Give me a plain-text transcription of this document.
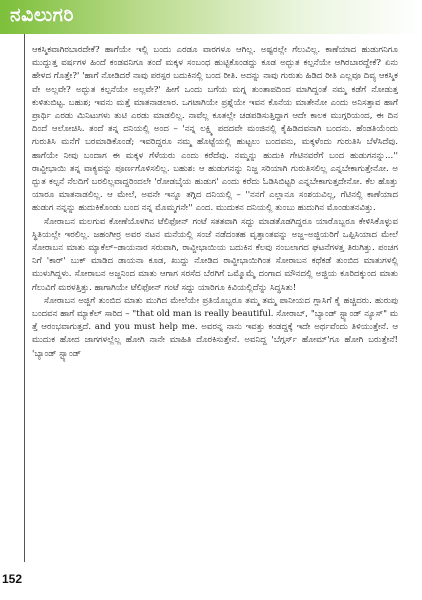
ನವಿಲುಗರಿ

ಆಕಸ್ಮಿಕವಾಗಿರಬಾರದೇಕೆ? ಹಾಗೆಯೇ ಇಲ್ಲಿ ಬಂದು ಎರಡೂ ವಾರಗಳೂ ಆಗಿಲ್ಲ. ಅಷ್ಟರಲ್ಲೇ ಗೆಲುವಿಲ್ಲ. ಕಾಣೆಯಾದ ಹುಡುಗನಿಗೂ ಮುದ್ದುತ್ತ ವರ್ಷಗಳ ಹಿಂದೆ ಕಂಡವನಿಗೂ ತಂದೆ ಮಕ್ಕಳ ಸಂಬಂಧ ಹುಟ್ಟಿಕೊಂಡದ್ದು ಕೂಡ ಅದ್ಭುತ ಕಲ್ಪನೆಯೇ ಆಗಿರಬಾರದ್ದೇಕೆ? ಏನು ಹೇಳದ ಗೊತ್ತೇ?' 'ಹಾಗೆ ನೋಡಿದರೆ ನಾವು ಪರಸ್ಪರ ಬದುಕಿನಲ್ಲಿ ಬಂದ ರೀತಿ. ಅದನ್ನು ನಾವು ಗುರುತು ಹಿಡಿದ ರೀತಿ ಎಲ್ಲವೂ ದಿವ್ಯ ಆಕಸ್ಮಿಕವೇ ಅಲ್ಲವೇ? ಅದ್ಭುತ ಕಲ್ಪನೆಯೇ ಅಲ್ಲವೇ?' ಹೀಗೆ ಒಂದು ಬಗೆಯ ಮಗ್ನ ತುಂತಾಪದಿಂದ ಮಾಗಿದ್ದಂತೆ ನಮ್ಮ ಕಡೆಗೆ ನೋಡುತ್ತ ಕುಳಿತುಬಿಟ್ಟ. ಬಹುಶ; ಇವನು ಮತ್ತೆ ಮಾತನಾಡಲಾರ. ಒಗಟಾಗಿಯೇ ಪ್ರಶ್ನೆಯೇ ಇವನ ಕೊನೆಯ ಮಾತೇನೋ ಎಂದು ಅನಿಸತ್ತಾವ ಹಾಗೆ ಪ್ರಾರ್ಥಿ ಎರಡು ಮಿನಿಟುಗಳು ತುಟಿ ಎರಡು ಮಾಡಲಿಲ್ಲ. ನಾವೆಲ್ಲ ಕೂತಲ್ಲೇ ಚಡಪಡಿಸುತ್ತಿದ್ದಾಗ ಆದೇ ಕಾಲಕ ಮುಗ್ಗರಿಯಂದ, ಈ ದಿನದಿಂದೆ ಆಲೋಚಿಸಿ. ತಂದೆ ತನ್ನ ದನಿಯಲ್ಲಿ ಅಂದ – 'ನನ್ನ ಲಕ್ಷ್ಮಿ ಪದದವೇ ಮಂಜಿನಲ್ಲಿ ಕೈಹಿಡಿದವನಾಗಿ ಬಂದನು. ಹೆಂಡತಿಯೆಂದು ಗುರುತಿಸಿ ಮನೆಗೆ ಬರಮಾಡಿಕೊಂಡೆ; ಇವರಿದ್ದರೂ ನಮ್ಮ ಹೊಟ್ಟೆಯಲ್ಲಿ ಹುಟ್ಟಲು ಬಂದವನು, ಮಕ್ಕಳೆಂದು ಗುರುತಿಸಿ ಬೆಳೆಸಿದೆವು. ಹಾಗೆಯೇ ನೀವು ಬಂದಾಗ ಈ ಮಕ್ಕಳ ಗೆಳೆಯರು ಎಂದು ಕರೆದೆವು. ನಮ್ಮನ್ನು ಹುದುಕಿ ಗೇಟಿನವರೆಗೆ ಬಂದ ಹುಡುಗನನ್ನು...'' ರಾವ್ಜೀಭಾಯಿ ತನ್ನ ವಾಕ್ಯವನ್ನು ಪೂರ್ಣಗೊಳಿಸಲಿಲ್ಲ. ಬಹುಶ: ಆ ಹುಡುಗನನ್ನು ನಿಜ್ಜ ಸರಿಯಾಗಿ ಗುರುತಿಸಲಿಲ್ಲ ಎನ್ನಬೇಕಾಗುತ್ತೇನೋ. ಅದ್ಭುತ ಕಲ್ಪನೆ ನೆಲದಿಗೆ ಬರಲಿಲ್ಲವಾದ್ದರಿಂದಲೇ 'ರೋಡಬೈಯ ಹುಡುಗ' ಎಂದು ಕರೆದು ಓಡಿಸಿಬಿಟ್ಟರಿ ಎನ್ನಬೇಕಾಗುತ್ತದೇನೋ. ಕೆಲ ಹೊತ್ತು ಯಾರೂ ಮಾತನಾಡಲಿಲ್ಲ. ಆ ಮೇಲೆ, ಅವನೇ ಇನ್ನೂ ತಗ್ಗಿದ ದನಿಯಲ್ಲಿ – ''ನನಗೆ ಎಲ್ಲಾನೂ ಸಂಶಯವಿಲ್ಲ, ಗೆಟಿನಲ್ಲಿ ಕಾಣೆಯಾದ ಹುಡುಗ ನನ್ನನ್ನು ಹುದುಕಿಕೊಂಡು ಬಂದ ನನ್ನ ಮೊಮ್ಮಗನೇ'' ಎಂದ. ಮುದುಕನ ದನಿಯಲ್ಲಿ ತುಂಬು ಹುದುಗಿನ ಮೊಂಡುತನವಿತ್ತು.

ಸೋರಾಬನ ಮಲಗುವ ಕೋಣೆಯೊಳಗಿನ ಟೆಲಿಫೋನ್ ಗಂಟೆ ಸತತವಾಗಿ ಸದ್ದು ಮಾಡತೊಡಗಿದ್ದರೂ ಯಾರೊಬ್ಬರೂ ಕೇಳಿಸಿಕೊಳ್ಳುವ ಸ್ಥಿತಿಯಲ್ಲೇ ಇರಲಿಲ್ಲ. ಜಹಂಗೀರ್ರ ಅವರ ನಟನ ಮನೆಯಲ್ಲಿ ಸಂಜೆ ನಡೆದಂತಹ ವೃತ್ತಾಂತವನ್ನು ಅಜ್ಜ–ಅಜ್ಜಿಯರಿಗೆ ಒಪ್ಪಿಸಿಯಾದ ಮೇಲೆ ಸೋರಾಬನ ಮಾತು ಮ್ಯಾಕೆಲ್–ಡಾಯನಾರ ಸರುವಾಗಿ, ರಾವ್ಜೀಭಾಯಿಯ ಬದುಕಿನ ಕೆಲವು ನಂಬಲಾಗದ ಘಟನೆಗಳತ್ತ ತಿರುಗಿತ್ತು. ಪಂಚಗನಿಗೆ 'ಕಾರ್' ಬುಕ್ ಮಾಡಿದ ಡಾಯನಾ ಕೂಡ, ಖುದ್ದು ನೋಡಿದ ರಾವ್ಜೀಭಾಯಿಗಿಂತ ಸೋರಾಬನ ಕಥೆಕಡೆ ತುಂಬಿದ ಮಾತುಗಳಲ್ಲಿ ಮುಳುಗಿದ್ದಳು. ಸೋರಾಬನ ಅಜ್ಜನಿಂದ ಮಾತು ಆಗಾಗ ಸರಸೆದ ಬೆರಗಿಗೆ ಒಮ್ಮೊಮ್ಮೆ ದಂಗಾದ ಮೌನದಲ್ಲಿ ಅಜ್ಜಿಯ ಕೂರಿದಕ್ಕುಂದ ಮಾತು ಗೆಲುವಿಗೆ ಮರಳತ್ತಿತ್ತು. ಹಾಗಾಗಿಯೇ ಟೆಲಿಫೋನ್ ಗಂಟೆ ಸದ್ದು ಯಾರಿಗೂ ಕಿವಿಯಲ್ಲಿದೆನ್ನು ಸಿದ್ಧಸಿತು!

ಸೋರಾಬನ ಅಜ್ಜಿಗೆ ತುಂಬಿದ ಮಾತು ಮುಗಿದ ಮೇಲೆಯೇ ಪ್ರತಿಯೊಬ್ಬರೂ ತಮ್ಮ ತಮ್ಮ ಪಾನೀಯದ ಗ್ಲಾಸಿಗೆ ಕೈ ಹಚ್ಚಿದರು. ಹುರುಪು ಬಂದವನ ಹಾಗೆ ಮ್ಯಾಕೆಲ್ ಸಾರಿದ – "that old man is really beautiful. ಸೋರಾಬ್, "ಬ್ಯಾಂಡ್ ಸ್ಟ್ಯಾಂಡ್ ನ್ಯೂಸ್" ಮತ್ತೆ ಆರಂಭವಾಗುತ್ತದೆ. and you must help me. ಅವರನ್ನ ನಾನು ಇವತ್ತು ಕಂಡದ್ದಕ್ಕೆ ಇದೇ ಅರ್ಥವೆಂದು ತಿಳಿಯುತ್ತೇನೆ. ಆ ಮುದುಕ ಹೋದ ಜಾಗಗಳಲ್ಲೆಲ್ಲ ಹೋಗಿ ನಾನೇ ಮಾಹಿತಿ ದೊರಕಿಸುತ್ತೇನೆ. ಅವನಿದ್ದ 'ಬೆಗ್ಗರ್ಸ್ ಹೋಮ್'ಗೂ ಹೋಗಿ ಬರುತ್ತೇನೆ! 'ಬ್ಯಾಂಡ್ ಸ್ಟ್ಯಾಂಡ್

152
